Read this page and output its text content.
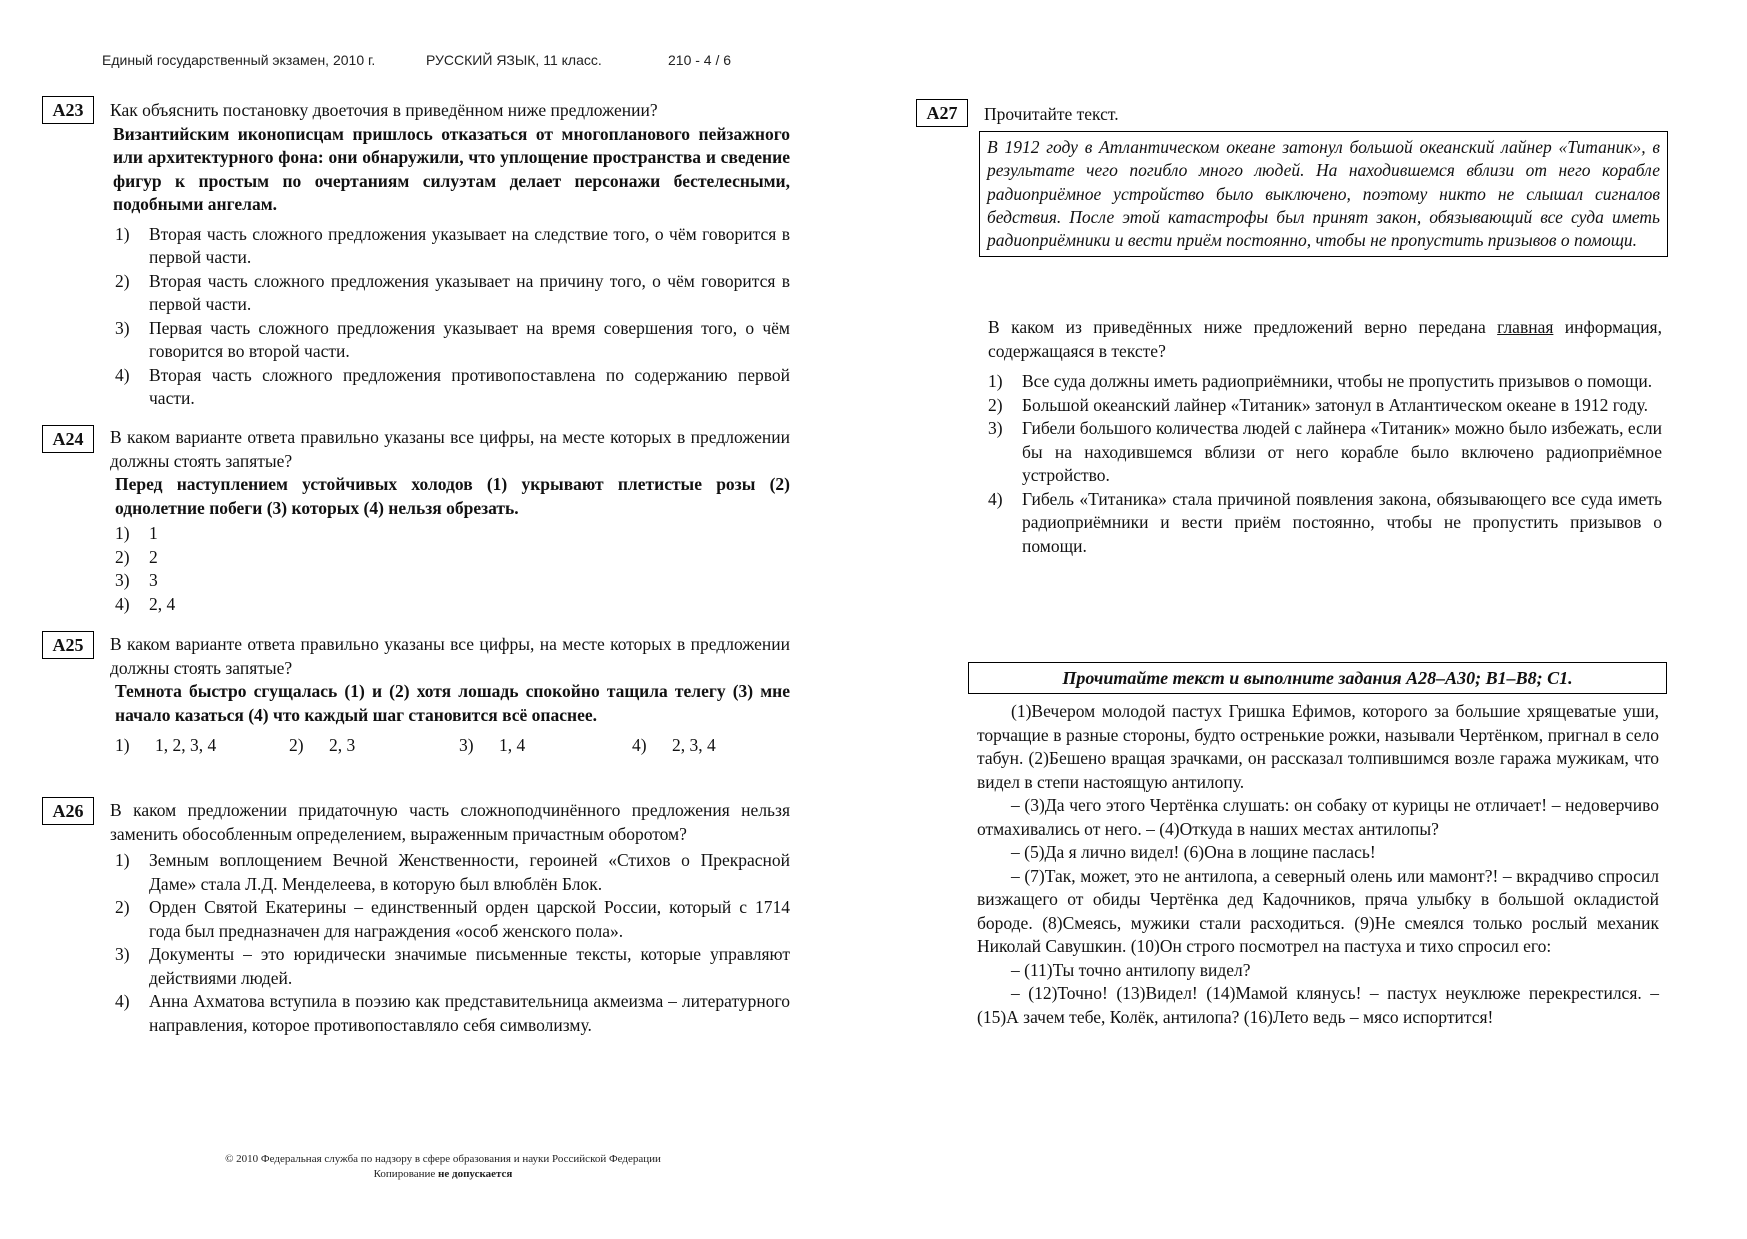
Единый государственный экзамен, 2010 г.	РУССКИЙ ЯЗЫК, 11 класс.	210 - 4 / 6
А23	Как объяснить постановку двоеточия в приведённом ниже предложении?

Византийским иконописцам пришлось отказаться от многопланового пейзажного или архитектурного фона: они обнаружили, что уплощение пространства и сведение фигур к простым по очертаниям силуэтам делает персонажи бестелесными, подобными ангелам.

1)	Вторая часть сложного предложения указывает на следствие того, о чём говорится в первой части.
2)	Вторая часть сложного предложения указывает на причину того, о чём говорится в первой части.
3)	Первая часть сложного предложения указывает на время совершения того, о чём говорится во второй части.
4)	Вторая часть сложного предложения противопоставлена по содержанию первой части.
А24	В каком варианте ответа правильно указаны все цифры, на месте которых в предложении должны стоять запятые?

Перед наступлением устойчивых холодов (1) укрывают плетистые розы (2) однолетние побеги (3) которых (4) нельзя обрезать.

1)	1
2)	2
3)	3
4)	2, 4
А25	В каком варианте ответа правильно указаны все цифры, на месте которых в предложении должны стоять запятые?

Темнота быстро сгущалась (1) и (2) хотя лошадь спокойно тащила телегу (3) мне начало казаться (4) что каждый шаг становится всё опаснее.

1) 1, 2, 3, 4	2) 2, 3	3) 1, 4	4) 2, 3, 4
А26	В каком предложении придаточную часть сложноподчинённого предложения нельзя заменить обособленным определением, выраженным причастным оборотом?

1)	Земным воплощением Вечной Женственности, героиней «Стихов о Прекрасной Даме» стала Л.Д. Менделеева, в которую был влюблён Блок.
2)	Орден Святой Екатерины – единственный орден царской России, который с 1714 года был предназначен для награждения «особ женского пола».
3)	Документы – это юридически значимые письменные тексты, которые управляют действиями людей.
4)	Анна Ахматова вступила в поэзию как представительница акмеизма – литературного направления, которое противопоставляло себя символизму.
© 2010 Федеральная служба по надзору в сфере образования и науки Российской Федерации
Копирование не допускается
А27	Прочитайте текст.
В 1912 году в Атлантическом океане затонул большой океанский лайнер «Титаник», в результате чего погибло много людей. На находившемся вблизи от него корабле радиоприёмное устройство было выключено, поэтому никто не слышал сигналов бедствия. После этой катастрофы был принят закон, обязывающий все суда иметь радиоприёмники и вести приём постоянно, чтобы не пропустить призывов о помощи.

В каком из приведённых ниже предложений верно передана главная информация, содержащаяся в тексте?

1)	Все суда должны иметь радиоприёмники, чтобы не пропустить призывов о помощи.
2)	Большой океанский лайнер «Титаник» затонул в Атлантическом океане в 1912 году.
3)	Гибели большого количества людей с лайнера «Титаник» можно было избежать, если бы на находившемся вблизи от него корабле было включено радиоприёмное устройство.
4)	Гибель «Титаника» стала причиной появления закона, обязывающего все суда иметь радиоприёмники и вести приём постоянно, чтобы не пропустить призывов о помощи.
Прочитайте текст и выполните задания А28–А30; В1–В8; С1.

(1)Вечером молодой пастух Гришка Ефимов, которого за большие хрящеватые уши, торчащие в разные стороны, будто остренькие рожки, называли Чертёнком, пригнал в село табун. (2)Бешено вращая зрачками, он рассказал толпившимся возле гаража мужикам, что видел в степи настоящую антилопу.

– (3)Да чего этого Чертёнка слушать: он собаку от курицы не отличает! – недоверчиво отмахивались от него. – (4)Откуда в наших местах антилопы?

– (5)Да я лично видел! (6)Она в лощине паслась!

– (7)Так, может, это не антилопа, а северный олень или мамонт?! – вкрадчиво спросил визжащего от обиды Чертёнка дед Кадочников, пряча улыбку в большой окладистой бороде. (8)Смеясь, мужики стали расходиться. (9)Не смеялся только рослый механик Николай Савушкин. (10)Он строго посмотрел на пастуха и тихо спросил его:

– (11)Ты точно антилопу видел?

– (12)Точно! (13)Видел! (14)Мамой клянусь! – пастух неуклюже перекрестился. – (15)А зачем тебе, Колёк, антилопа? (16)Лето ведь – мясо испортится!
